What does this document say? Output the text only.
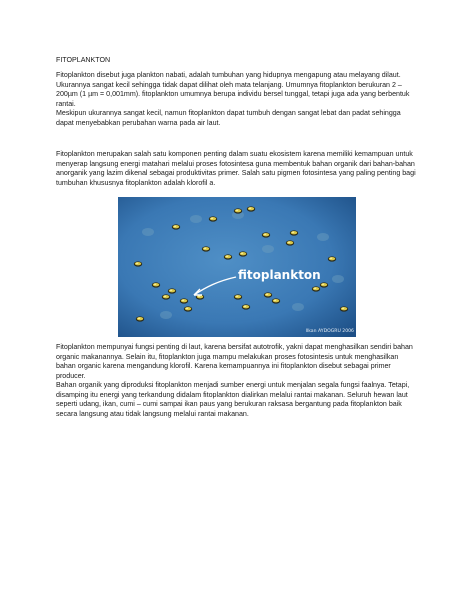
FITOPLANKTON
Fitoplankton disebut juga plankton nabati, adalah tumbuhan yang hidupnya mengapung atau melayang dilaut.
Ukurannya sangat kecil sehingga tidak dapat dilihat oleh mata telanjang. Umumnya fitoplankton berukuran 2 –
200µm (1 µm = 0,001mm). fitoplankton umumnya berupa individu bersel tunggal, tetapi juga ada yang berbentuk
rantai.
Meskipun ukurannya sangat kecil, namun fitoplankton dapat tumbuh dengan sangat lebat dan padat sehingga
dapat menyebabkan perubahan warna pada air laut.
Fitoplankton merupakan salah satu komponen penting dalam suatu ekosistem karena memiliki kemampuan untuk
menyerap langsung energi matahari melalui proses fotosintesa guna membentuk bahan organik dari bahan-bahan
anorganik yang lazim dikenal sebagai produktivitas primer. Salah satu pigmen fotosintesa yang paling penting bagi
tumbuhan khususnya fitoplankton adalah klorofil a.
fitoplankton
Ilkan AYDOGRU 2006
Fitoplankton mempunyai fungsi penting di laut, karena bersifat autotrofik, yakni dapat menghasilkan sendiri bahan
organic makanannya. Selain itu, fitoplankton juga mampu melakukan proses fotosintesis untuk menghasilkan
bahan organic karena mengandung klorofil. Karena kemampuannya ini fitoplankton disebut sebagai primer
producer.
Bahan organik yang diproduksi fitoplankton menjadi sumber energi untuk menjalan segala fungsi faalnya. Tetapi,
disamping itu energi yang terkandung didalam fitoplankton dialirkan melalui rantai makanan. Seluruh hewan laut
seperti udang, ikan, cumi – cumi sampai ikan paus yang berukuran raksasa bergantung pada fitoplankton baik
secara langsung atau tidak langsung melalui rantai makanan.
